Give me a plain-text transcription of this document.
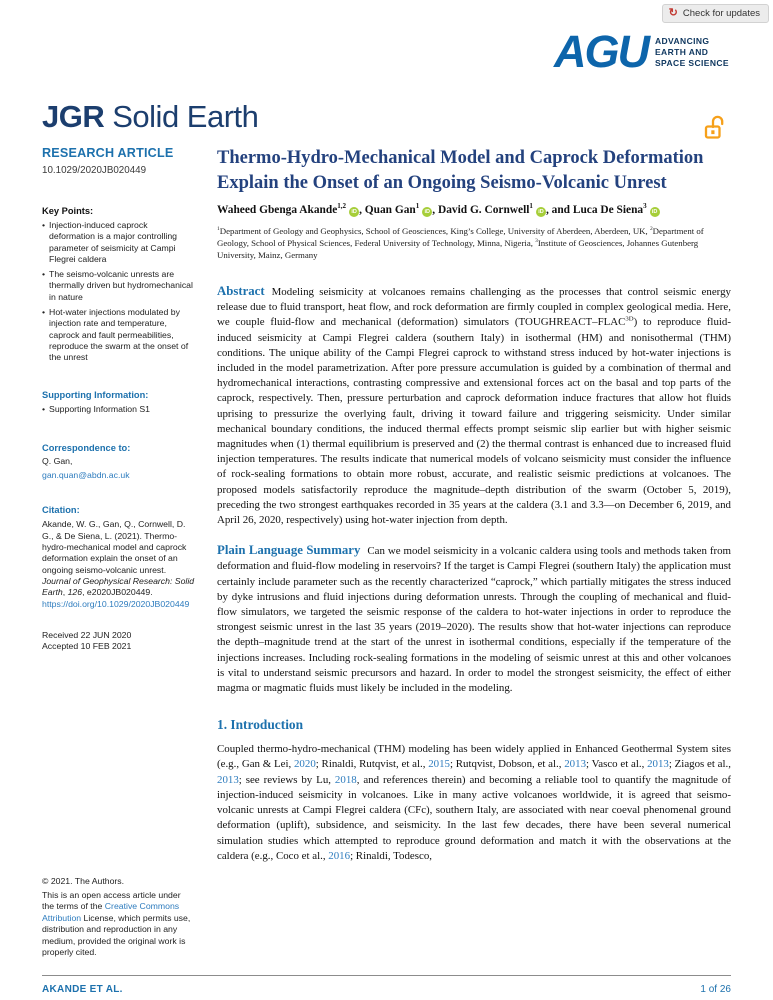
↻ Check for updates
AGU ADVANCING
EARTH AND
SPACE SCIENCE
JGR Solid Earth
RESEARCH ARTICLE
10.1029/2020JB020449
Key Points:
• Injection-induced caprock deformation is a major controlling parameter of seismicity at Campi Flegrei caldera
• The seismo-volcanic unrests are thermally driven but hydromechanical in nature
• Hot-water injections modulated by injection rate and temperature, caprock and fault permeabilities, reproduce the swarm at the onset of the unrest
Supporting Information:
• Supporting Information S1
Correspondence to:
Q. Gan,
gan.quan@abdn.ac.uk
Citation:
Akande, W. G., Gan, Q., Cornwell, D. G., & De Siena, L. (2021). Thermo-hydro-mechanical model and caprock deformation explain the onset of an ongoing seismo-volcanic unrest. Journal of Geophysical Research: Solid Earth, 126, e2020JB020449. https://doi.org/10.1029/2020JB020449
Received 22 JUN 2020
Accepted 10 FEB 2021
© 2021. The Authors.
This is an open access article under the terms of the Creative Commons Attribution License, which permits use, distribution and reproduction in any medium, provided the original work is properly cited.
Thermo-Hydro-Mechanical Model and Caprock Deformation Explain the Onset of an Ongoing Seismo-Volcanic Unrest
Waheed Gbenga Akande$^{1,2}$iD , Quan Gan$^1$iD , David G. Cornwell$^1$iD , and Luca De Siena$^3$iD
$^1$Department of Geology and Geophysics, School of Geosciences, King’s College, University of Aberdeen, Aberdeen, UK, $^2$Department of Geology, School of Physical Sciences, Federal University of Technology, Minna, Nigeria, $^3$Institute of Geosciences, Johannes Gutenberg University, Mainz, Germany

Abstract Modeling seismicity at volcanoes remains challenging as the processes that control seismic energy release due to fluid transport, heat flow, and rock deformation are firmly coupled in complex geological media. Here, we couple fluid-flow and mechanical (deformation) simulators $(TOUGHREACT-FLAC^{3D})$ to reproduce fluid-induced seismicity at Campi Flegrei caldera (southern Italy) in isothermal (HM) and nonisothermal (THM) conditions. The unique ability of the Campi Flegrei caprock to withstand stress induced by hot-water injections is included in the model parametrization. After pore pressure accumulation is guided by a combination of thermal and hydromechanical interactions, contrasting compressive and extensional forces act on the basal and top parts of the caprock, respectively. Then, pressure perturbation and caprock deformation induce fractures that allow hot fluids uprising to pressurize the overlying fault, driving it toward failure and triggering seismicity. Under similar mechanical boundary conditions, the induced thermal effects prompt seismic slip earlier but with higher seismic magnitudes when (1) thermal equilibrium is preserved and (2) the thermal contrast is enhanced due to increased fluid injection temperatures. The results indicate that numerical models of volcano seismicity must consider the influence of rock-sealing formations to obtain more robust, accurate, and realistic seismic predictions at volcanoes. The proposed models satisfactorily reproduce the magnitude–depth distribution of the swarm (October 5, 2019), preceding the two strongest earthquakes recorded in 35 years at the caldera (3.1 and 3.3—on December 6, 2019, and April 26, 2020, respectively) using hot-water injection from depth.

Plain Language Summary Can we model seismicity in a volcanic caldera using tools and methods taken from deformation and fluid-flow modeling in reservoirs? If the target is Campi Flegrei (southern Italy) the application must certainly include parameter such as the recently characterized “caprock,” which partially mitigates the stress induced by dyke intrusions and fluid injections during deformation unrests. Through the coupling of mechanical and fluid-flow simulators, we targeted the seismic response of the caldera to hot-water injections in order to reproduce the strongest seismic unrest in the last 35 years (2019–2020). The results show that hot-water injections can reproduce the depth–magnitude trend at the start of the unrest in isothermal conditions, especially if the temperature of the injections increases. Including rock-sealing formations in the modeling of seismic unrest at this and other volcanoes is vital to understand seismic precursors and hazard. In order to model the strongest seismicity, the effect of either magma or magmatic fluids must likely be included in the modeling.

1. Introduction

Coupled thermo-hydro-mechanical (THM) modeling has been widely applied in Enhanced Geothermal System sites (e.g., Gan & Lei, 2020; Rinaldi, Rutqvist, et al., 2015; Rutqvist, Dobson, et al., 2013; Vasco et al., 2013; Ziagos et al., 2013; see reviews by Lu, 2018, and references therein) and becoming a reliable tool to quantify the magnitude of injection-induced seismicity in volcanoes. Like in many active volcanoes worldwide, it is agreed that seismo-volcanic unrests at Campi Flegrei caldera (CFc), southern Italy, are associated with near coeval phenomenal ground deformation (uplift), subsidence, and seismicity. In the last few decades, there have been several numerical simulation studies which attempted to reproduce ground deformation and match it with the observations at the caldera (e.g., Coco et al., 2016; Rinaldi, Todesco,

AKANDE ET AL.	1 of 26
